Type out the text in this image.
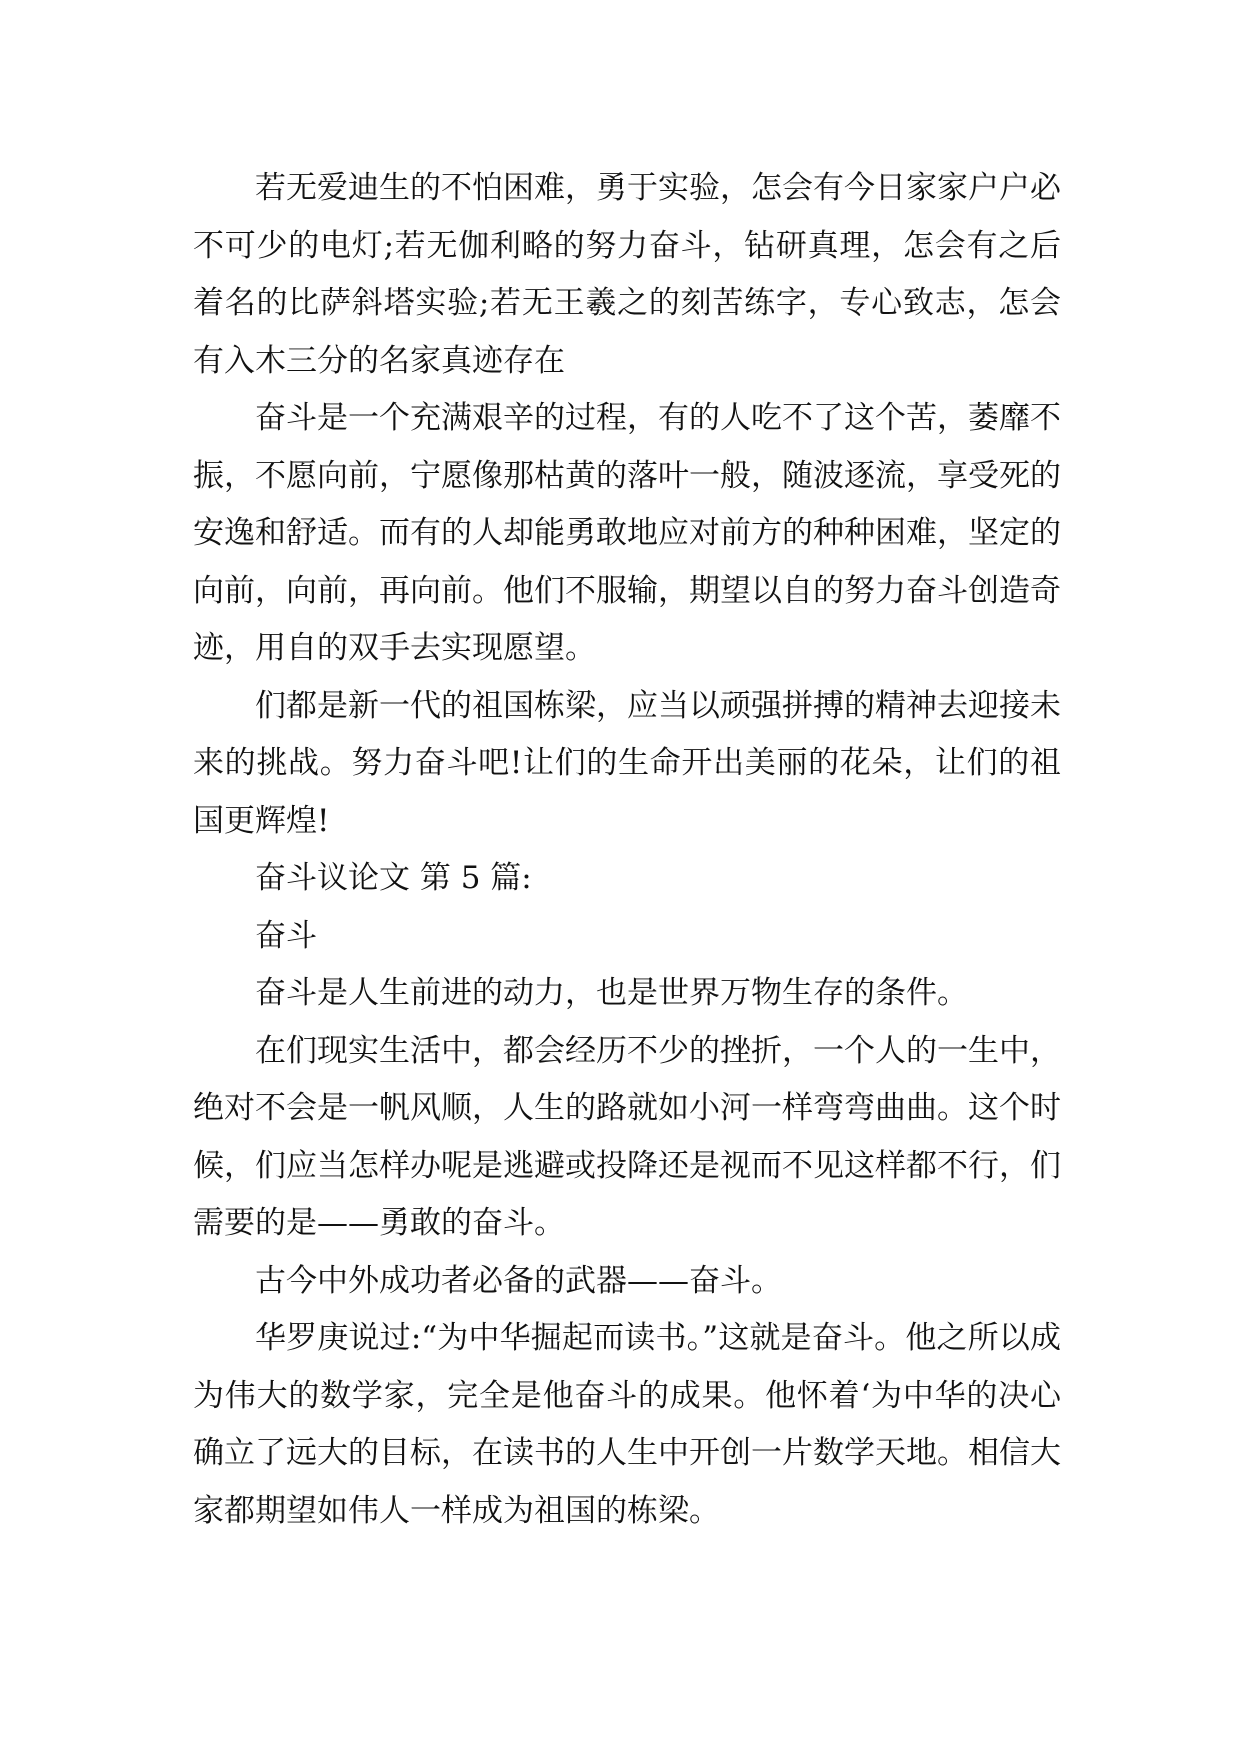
若无爱迪生的不怕困难，勇于实验，怎会有今日家家户户必不可少的电灯;若无伽利略的努力奋斗，钻研真理，怎会有之后着名的比萨斜塔实验;若无王羲之的刻苦练字，专心致志，怎会有入木三分的名家真迹存在

奋斗是一个充满艰辛的过程，有的人吃不了这个苦，萎靡不振，不愿向前，宁愿像那枯黄的落叶一般，随波逐流，享受死的安逸和舒适。而有的人却能勇敢地应对前方的种种困难，坚定的向前，向前，再向前。他们不服输，期望以自的努力奋斗创造奇迹，用自的双手去实现愿望。

们都是新一代的祖国栋梁，应当以顽强拼搏的精神去迎接未来的挑战。努力奋斗吧!让们的生命开出美丽的花朵，让们的祖国更辉煌!

奋斗议论文 第 5 篇:

奋斗

奋斗是人生前进的动力，也是世界万物生存的条件。

在们现实生活中，都会经历不少的挫折，一个人的一生中，绝对不会是一帆风顺，人生的路就如小河一样弯弯曲曲。这个时候，们应当怎样办呢是逃避或投降还是视而不见这样都不行，们需要的是——勇敢的奋斗。

古今中外成功者必备的武器——奋斗。

华罗庚说过:“为中华掘起而读书。”这就是奋斗。他之所以成为伟大的数学家，完全是他奋斗的成果。他怀着‘为中华的决心确立了远大的目标，在读书的人生中开创一片数学天地。相信大家都期望如伟人一样成为祖国的栋梁。
